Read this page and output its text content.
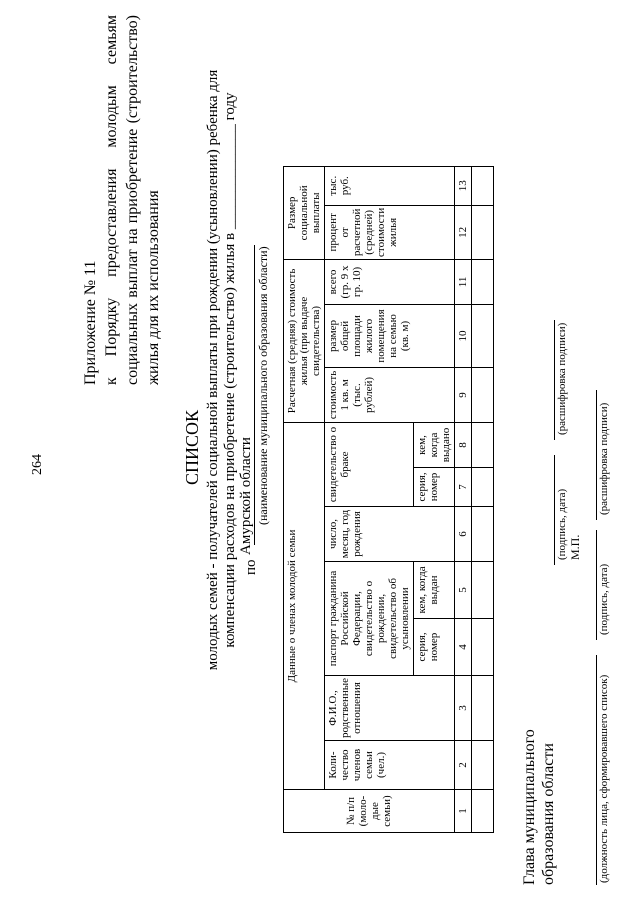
264
Приложение № 11 к Порядку предоставления молодым семьям социальных выплат на приобретение (строительство) жилья для их использования
СПИСОК молодых семей - получателей социальной выплаты при рождении (усыновлении) ребенка для компенсации расходов на приобретение (строительство) жилья в ______________ году по
Амурской области (наименование муниципального образования области)
№ п/п (моло-дые семьи)	Данные о членах молодой семьи							Расчетная (средняя) стоимость жилья (при выдаче свидетельства)			Размер социальной выплаты	
	Коли-чество членов семьи (чел.)	Ф.И.О., родственные отношения	паспорт гражданина Российской Федерации, свидетельство о рождении, свидетельство об усыновлении		число, месяц, год рождения	свидетельство о браке		стоимость 1 кв. м (тыс. рублей)	размер общей площади жилого помещения на семью (кв. м)	всего (гр. 9 x гр. 10)	процент от расчетной (средней) стоимости жилья	тыс. руб.
			серия, номер	кем, когда выдан		серия, номер	кем, когда выдано					
1	2	3	4	5	6	7	8	9	10	11	12	13

Глава муниципального образования области
(подпись, дата) М.П.
(расшифровка подписи)
(должность лица, сформировавшего список)
(подпись, дата)
(расшифровка подписи)
